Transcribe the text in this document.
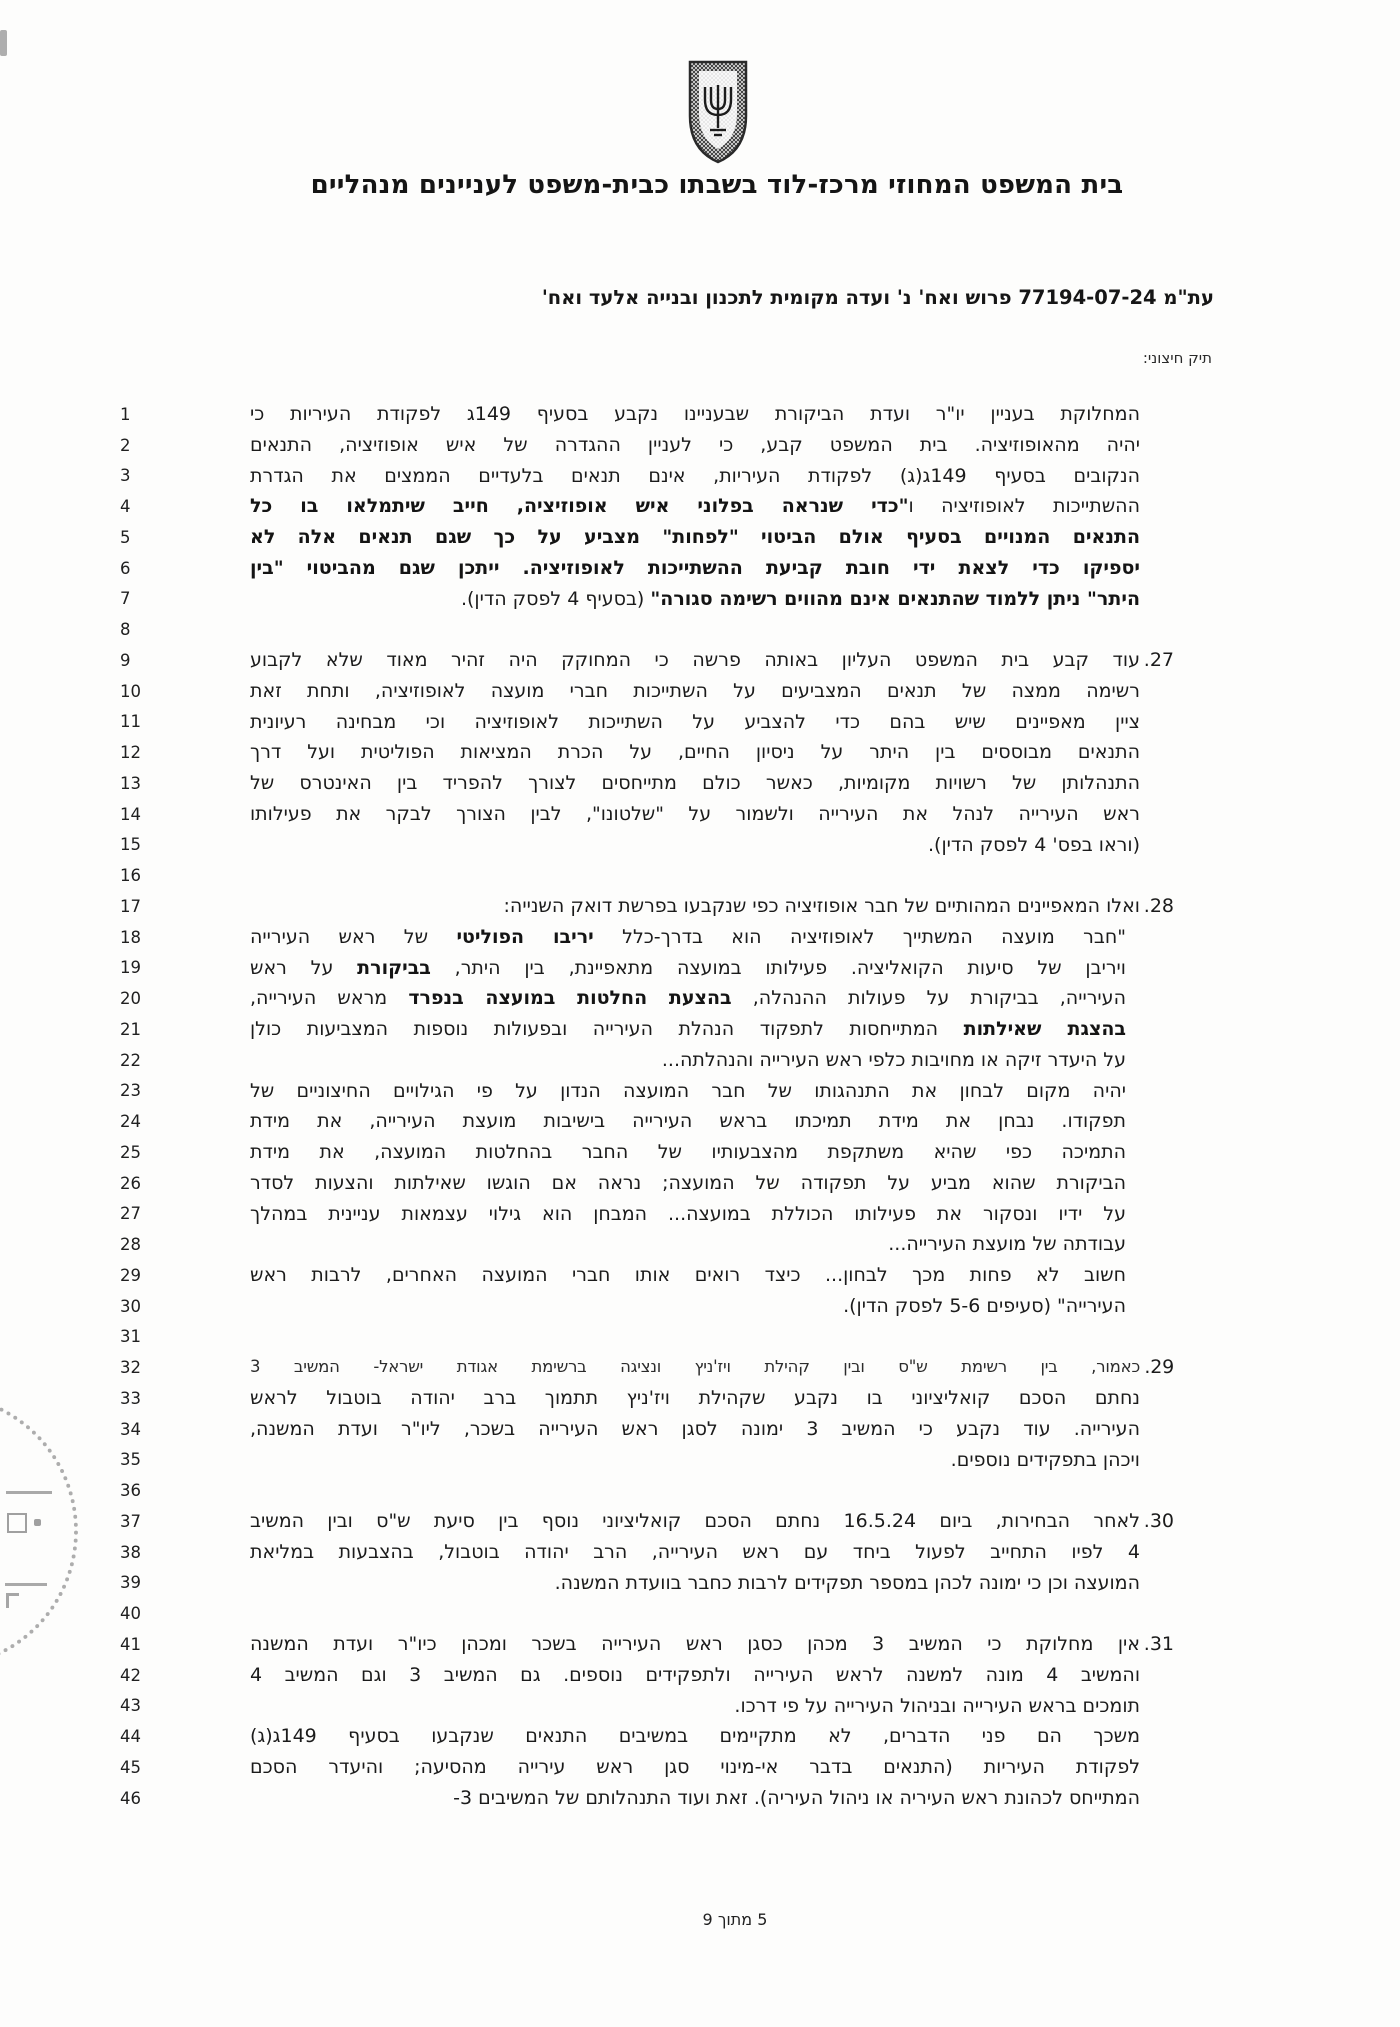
בית המשפט המחוזי מרכז-לוד בשבתו כבית-משפט לעניינים מנהליים
עת"מ 77194-07-24 פרוש ואח' נ' ועדה מקומית לתכנון ובנייה אלעד ואח'
תיק חיצוני:
1	המחלוקת בעניין יו"ר ועדת הביקורת שבעניינו נקבע בסעיף 149ג לפקודת העיריות כי
2	יהיה מהאופוזיציה. בית המשפט קבע, כי לעניין ההגדרה של איש אופוזיציה, התנאים
3	הנקובים בסעיף 149ג(ג) לפקודת העיריות, אינם תנאים בלעדיים הממצים את הגדרת
4	ההשתייכות לאופוזיציה ו"כדי שנראה בפלוני איש אופוזיציה, חייב שיתמלאו בו כל
5	התנאים המנויים בסעיף אולם הביטוי "לפחות" מצביע על כך שגם תנאים אלה לא
6	יספיקו כדי לצאת ידי חובת קביעת ההשתייכות לאופוזיציה. ייתכן שגם מהביטוי "בין
7	היתר" ניתן ללמוד שהתנאים אינם מהווים רשימה סגורה" (בסעיף 4 לפסק הדין).
8
9	עוד קבע בית המשפט העליון באותה פרשה כי המחוקק היה זהיר מאוד שלא לקבוע 27.
10	רשימה ממצה של תנאים המצביעים על השתייכות חברי מועצה לאופוזיציה, ותחת זאת
11	ציין מאפיינים שיש בהם כדי להצביע על השתייכות לאופוזיציה וכי מבחינה רעיונית
12	התנאים מבוססים בין היתר על ניסיון החיים, על הכרת המציאות הפוליטית ועל דרך
13	התנהלותן של רשויות מקומיות, כאשר כולם מתייחסים לצורך להפריד בין האינטרס של
14	ראש העירייה לנהל את העירייה ולשמור על "שלטונו", לבין הצורך לבקר את פעילותו
15	(וראו בפס' 4 לפסק הדין).
16
17	ואלו המאפיינים המהותיים של חבר אופוזיציה כפי שנקבעו בפרשת דואק השנייה: 28.
18	"חבר מועצה המשתייך לאופוזיציה הוא בדרך-כלל יריבו הפוליטי של ראש העירייה
19	ויריבן של סיעות הקואליציה. פעילותו במועצה מתאפיינת, בין היתר, בביקורת על ראש
20	העירייה, בביקורת על פעולות ההנהלה, בהצעת החלטות במועצה בנפרד מראש העירייה,
21	בהצגת שאילתות המתייחסות לתפקוד הנהלת העירייה ובפעולות נוספות המצביעות כולן
22	על היעדר זיקה או מחויבות כלפי ראש העירייה והנהלתה...
23	יהיה מקום לבחון את התנהגותו של חבר המועצה הנדון על פי הגילויים החיצוניים של
24	תפקודו. נבחן את מידת תמיכתו בראש העירייה בישיבות מועצת העירייה, את מידת
25	התמיכה כפי שהיא משתקפת מהצבעותיו של החבר בהחלטות המועצה, את מידת
26	הביקורת שהוא מביע על תפקודה של המועצה; נראה אם הוגשו שאילתות והצעות לסדר
27	על ידיו ונסקור את פעילותו הכוללת במועצה... המבחן הוא גילוי עצמאות עניינית במהלך
28	עבודתה של מועצת העירייה...
29	חשוב לא פחות מכך לבחון... כיצד רואים אותו חברי המועצה האחרים, לרבות ראש
30	העירייה" (סעיפים 5-6 לפסק הדין).
31
32	כאמור, בין רשימת ש"ס ובין קהילת ויז'ניץ ונציגה ברשימת אגודת ישראל- המשיב 3 29.
33	נחתם הסכם קואליציוני בו נקבע שקהילת ויז'ניץ תתמוך ברב יהודה בוטבול לראש
34	העירייה. עוד נקבע כי המשיב 3 ימונה לסגן ראש העירייה בשכר, ליו"ר ועדת המשנה,
35	ויכהן בתפקידים נוספים.
36
37	לאחר הבחירות, ביום 16.5.24 נחתם הסכם קואליציוני נוסף בין סיעת ש"ס ובין המשיב 30.
38	4 לפיו התחייב לפעול ביחד עם ראש העירייה, הרב יהודה בוטבול, בהצבעות במליאת
39	המועצה וכן כי ימונה לכהן במספר תפקידים לרבות כחבר בוועדת המשנה.
40
41	אין מחלוקת כי המשיב 3 מכהן כסגן ראש העירייה בשכר ומכהן כיו"ר ועדת המשנה 31.
42	והמשיב 4 מונה למשנה לראש העירייה ולתפקידים נוספים. גם המשיב 3 וגם המשיב 4
43	תומכים בראש העירייה ובניהול העירייה על פי דרכו.
44	משכך הם פני הדברים, לא מתקיימים במשיבים התנאים שנקבעו בסעיף 149ג(ג)
45	לפקודת העיריות (התנאים בדבר אי-מינוי סגן ראש עירייה מהסיעה; והיעדר הסכם
46	המתייחס לכהונת ראש העיריה או ניהול העיריה). זאת ועוד התנהלותם של המשיבים 3-
5 מתוך 9
